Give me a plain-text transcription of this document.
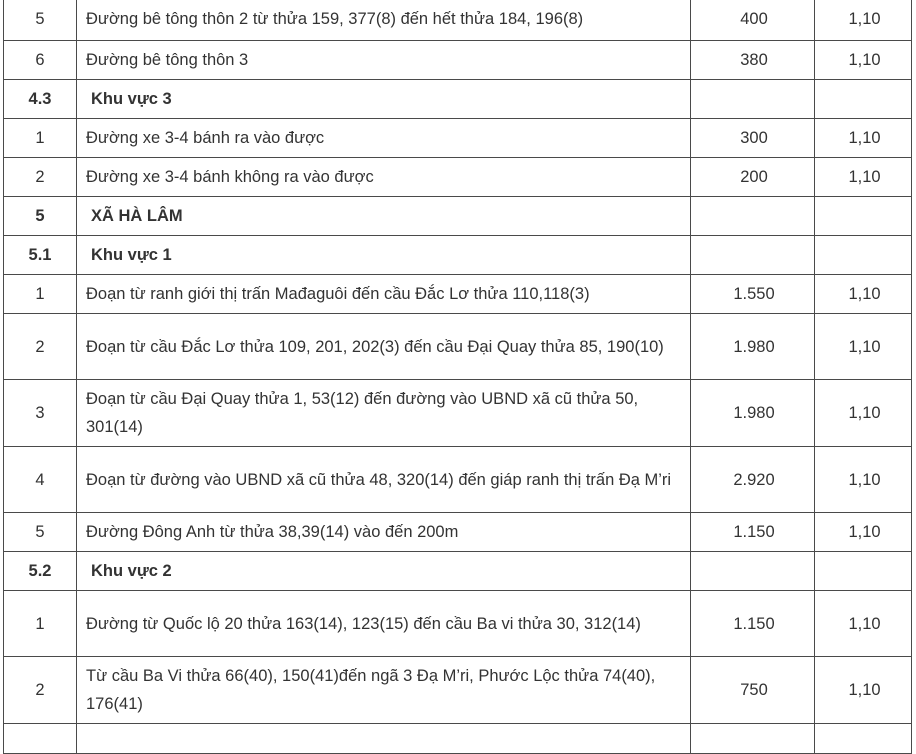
5	Đường bê tông thôn 2 từ thửa 159, 377(8) đến hết thửa 184, 196(8)	400	1,10
6	Đường bê tông thôn 3	380	1,10
4.3	Khu vực 3		
1	Đường xe 3-4 bánh ra vào được	300	1,10
2	Đường xe 3-4 bánh không ra vào được	200	1,10
5	XÃ HÀ LÂM		
5.1	Khu vực 1		
1	Đoạn từ ranh giới thị trấn Mađaguôi đến cầu Đắc Lơ thửa 110,118(3)	1.550	1,10
2	Đoạn từ cầu Đắc Lơ thửa 109, 201, 202(3) đến cầu Đại Quay thửa 85, 190(10)	1.980	1,10
3	Đoạn từ cầu Đại Quay thửa 1, 53(12) đến đường vào UBND xã cũ thửa 50, 301(14)	1.980	1,10
4	Đoạn từ đường vào UBND xã cũ thửa 48, 320(14) đến giáp ranh thị trấn Đạ M’ri	2.920	1,10
5	Đường Đông Anh từ thửa 38,39(14) vào đến 200m	1.150	1,10
5.2	Khu vực 2		
1	Đường từ Quốc lộ 20 thửa 163(14), 123(15) đến cầu Ba vi thửa 30, 312(14)	1.150	1,10
2	Từ cầu Ba Vi thửa 66(40), 150(41)đến ngã 3 Đạ M’ri, Phước Lộc thửa 74(40), 176(41)	750	1,10
